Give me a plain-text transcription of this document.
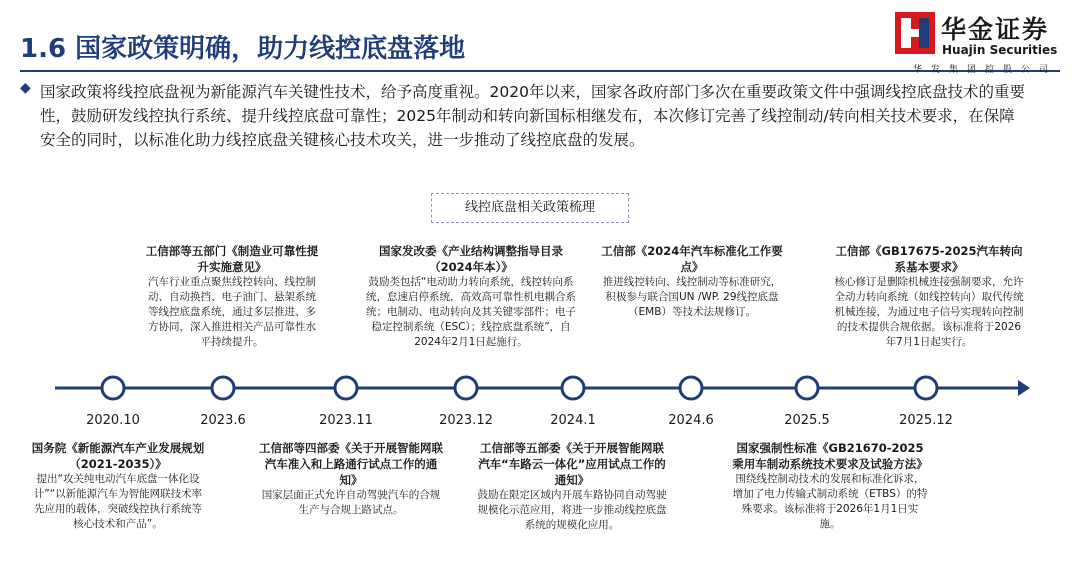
1.6 国家政策明确，助力线控底盘落地
华金证券
Huajin Securities
华发集团控股公司
◆ 国家政策将线控底盘视为新能源汽车关键性技术，给予高度重视。2020年以来，国家各政府部门多次在重要政策文件中强调线控底盘技术的重要性，鼓励研发线控执行系统、提升线控底盘可靠性；2025年制动和转向新国标相继发布，本次修订完善了线控制动/转向相关技术要求，在保障安全的同时，以标准化助力线控底盘关键核心技术攻关，进一步推动了线控底盘的发展。
线控底盘相关政策梳理
2020.10	2023.6	2023.11	2023.12	2024.1	2024.6	2025.5	2025.12
工信部等五部门《制造业可靠性提升实施意见》
汽车行业重点聚焦线控转向、线控制动、自动换挡、电子油门、悬架系统等线控底盘系统，通过多层推进、多方协同，深入推进相关产品可靠性水平持续提升。
国家发改委《产业结构调整指导目录（2024年本）》
鼓励类包括“电动助力转向系统，线控转向系统，怠速启停系统，高效高可靠性机电耦合系统；电制动、电动转向及其关键零部件；电子稳定控制系统（ESC）；线控底盘系统”，自2024年2月1日起施行。
工信部《2024年汽车标准化工作要点》
推进线控转向、线控制动等标准研究，积极参与联合国UN /WP. 29线控底盘（EMB）等技术法规修订。
工信部《GB17675-2025汽车转向系基本要求》
核心修订是删除机械连接强制要求，允许全动力转向系统（如线控转向）取代传统机械连接，为通过电子信号实现转向控制的技术提供合规依据。该标准将于2026年7月1日起实行。
国务院《新能源汽车产业发展规划（2021-2035）》
提出“攻关纯电动汽车底盘一体化设计”“以新能源汽车为智能网联技术率先应用的载体，突破线控执行系统等核心技术和产品”。
工信部等四部委《关于开展智能网联汽车准入和上路通行试点工作的通知》
国家层面正式允许自动驾驶汽车的合规生产与合规上路试点。
工信部等五部委《关于开展智能网联汽车“车路云一体化”应用试点工作的通知》
鼓励在限定区域内开展车路协同自动驾驶规模化示范应用，将进一步推动线控底盘系统的规模化应用。
国家强制性标准《GB21670-2025乘用车制动系统技术要求及试验方法》
围绕线控制动技术的发展和标准化诉求，增加了电力传输式制动系统（ETBS）的特殊要求。该标准将于2026年1月1日实施。
